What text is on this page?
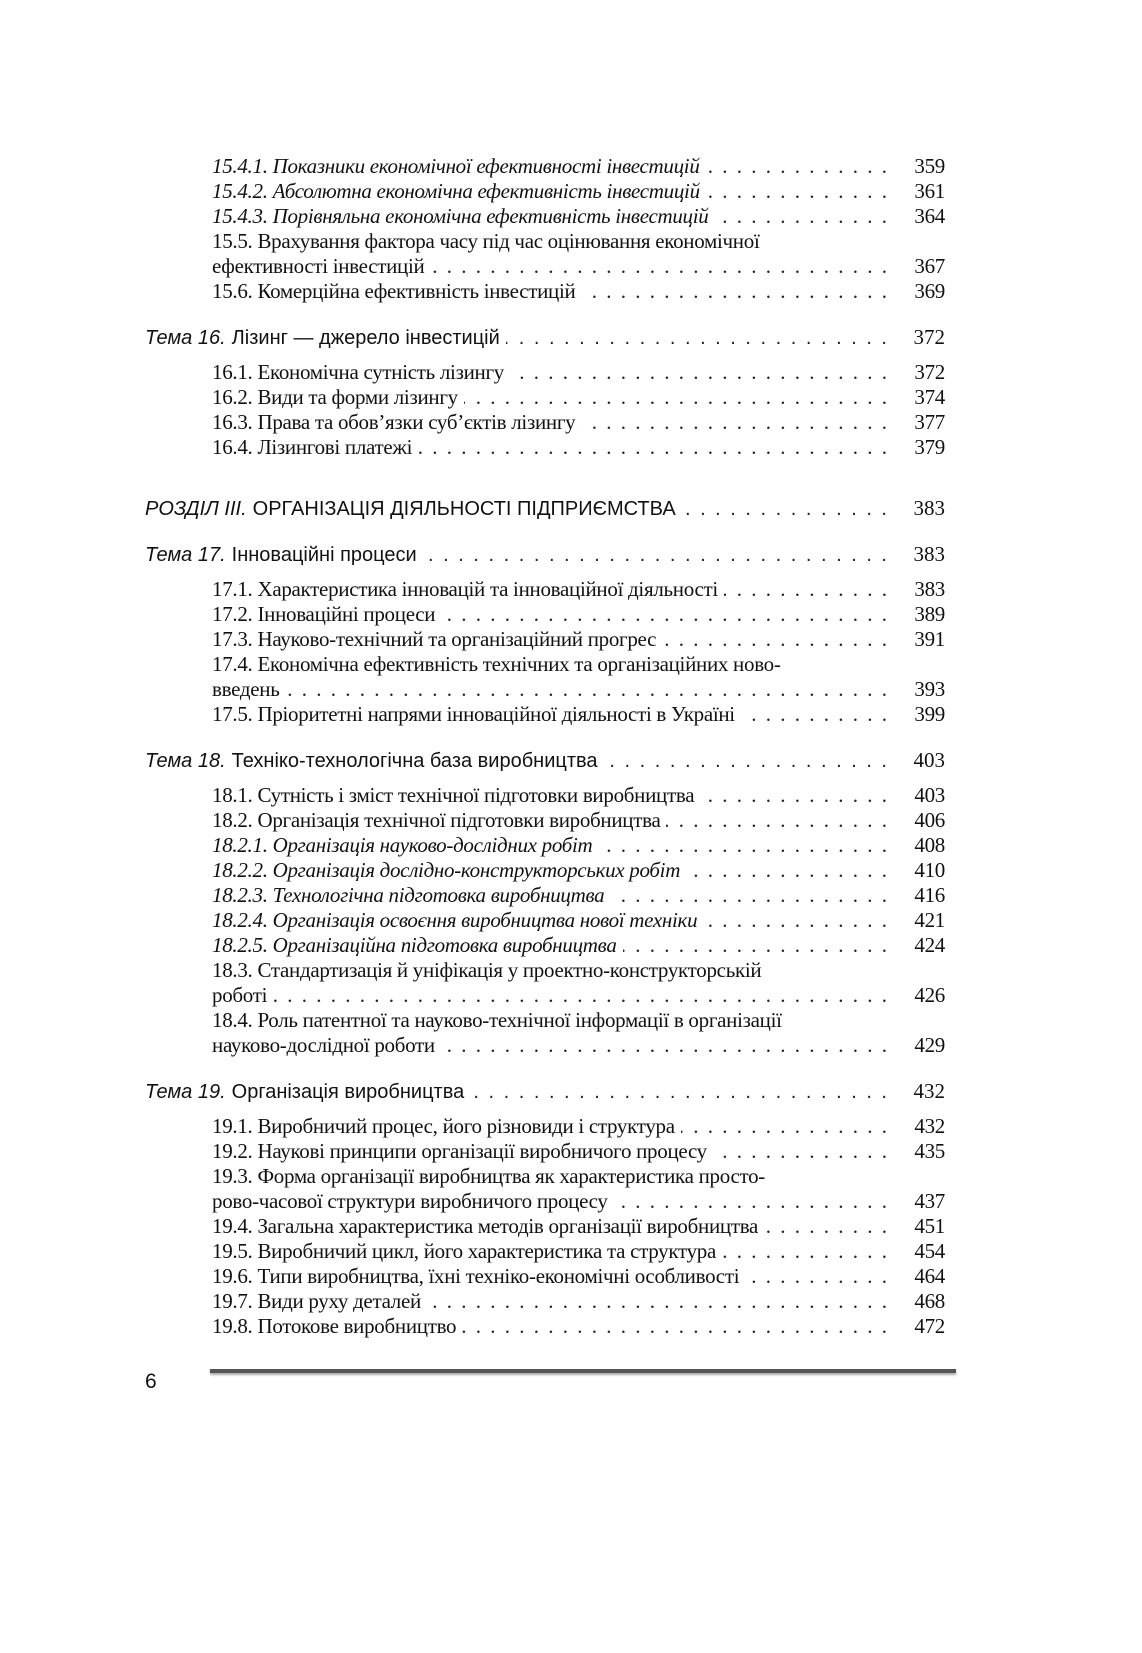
15.4.1. Показники економічної ефективності інвестицій . . .	359
15.4.2. Абсолютна економічна ефективність інвестицій . . .	361
15.4.3. Порівняльна економічна ефективність інвестицій . . .	364
15.5. Врахування фактора часу під час оцінювання економічної
ефективності інвестицій . . .	367
15.6. Комерційна ефективність інвестицій . . .	369
Тема 16. Лізинг — джерело інвестицій . . .	372
16.1. Економічна сутність лізингу . . .	372
16.2. Види та форми лізингу . . .	374
16.3. Права та обов’язки суб’єктів лізингу . . .	377
16.4. Лізингові платежі . . .	379
РОЗДІЛ III. ОРГАНІЗАЦІЯ ДІЯЛЬНОСТІ ПІДПРИЄМСТВА . . .	383
Тема 17. Інноваційні процеси . . .	383
17.1. Характеристика інновацій та інноваційної діяльності . . .	383
17.2. Інноваційні процеси . . .	389
17.3. Науково-технічний та організаційний прогрес . . .	391
17.4. Економічна ефективність технічних та організаційних ново-
введень . . .	393
17.5. Пріоритетні напрями інноваційної діяльності в Україні . . .	399
Тема 18. Техніко-технологічна база виробництва . . .	403
18.1. Сутність і зміст технічної підготовки виробництва . . .	403
18.2. Організація технічної підготовки виробництва . . .	406
18.2.1. Організація науково-дослідних робіт . . .	408
18.2.2. Організація дослідно-конструкторських робіт . . .	410
18.2.3. Технологічна підготовка виробництва . . .	416
18.2.4. Організація освоєння виробництва нової техніки . . .	421
18.2.5. Організаційна підготовка виробництва . . .	424
18.3. Стандартизація й уніфікація у проектно-конструкторській
роботі . . .	426
18.4. Роль патентної та науково-технічної інформації в організації
науково-дослідної роботи . . .	429
Тема 19. Організація виробництва . . .	432
19.1. Виробничий процес, його різновиди і структура . . .	432
19.2. Наукові принципи організації виробничого процесу . . .	435
19.3. Форма організації виробництва як характеристика просто-
рово-часової структури виробничого процесу . . .	437
19.4. Загальна характеристика методів організації виробництва . . .	451
19.5. Виробничий цикл, його характеристика та структура . . .	454
19.6. Типи виробництва, їхні техніко-економічні особливості . . .	464
19.7. Види руху деталей . . .	468
19.8. Потокове виробництво . . .	472
6
